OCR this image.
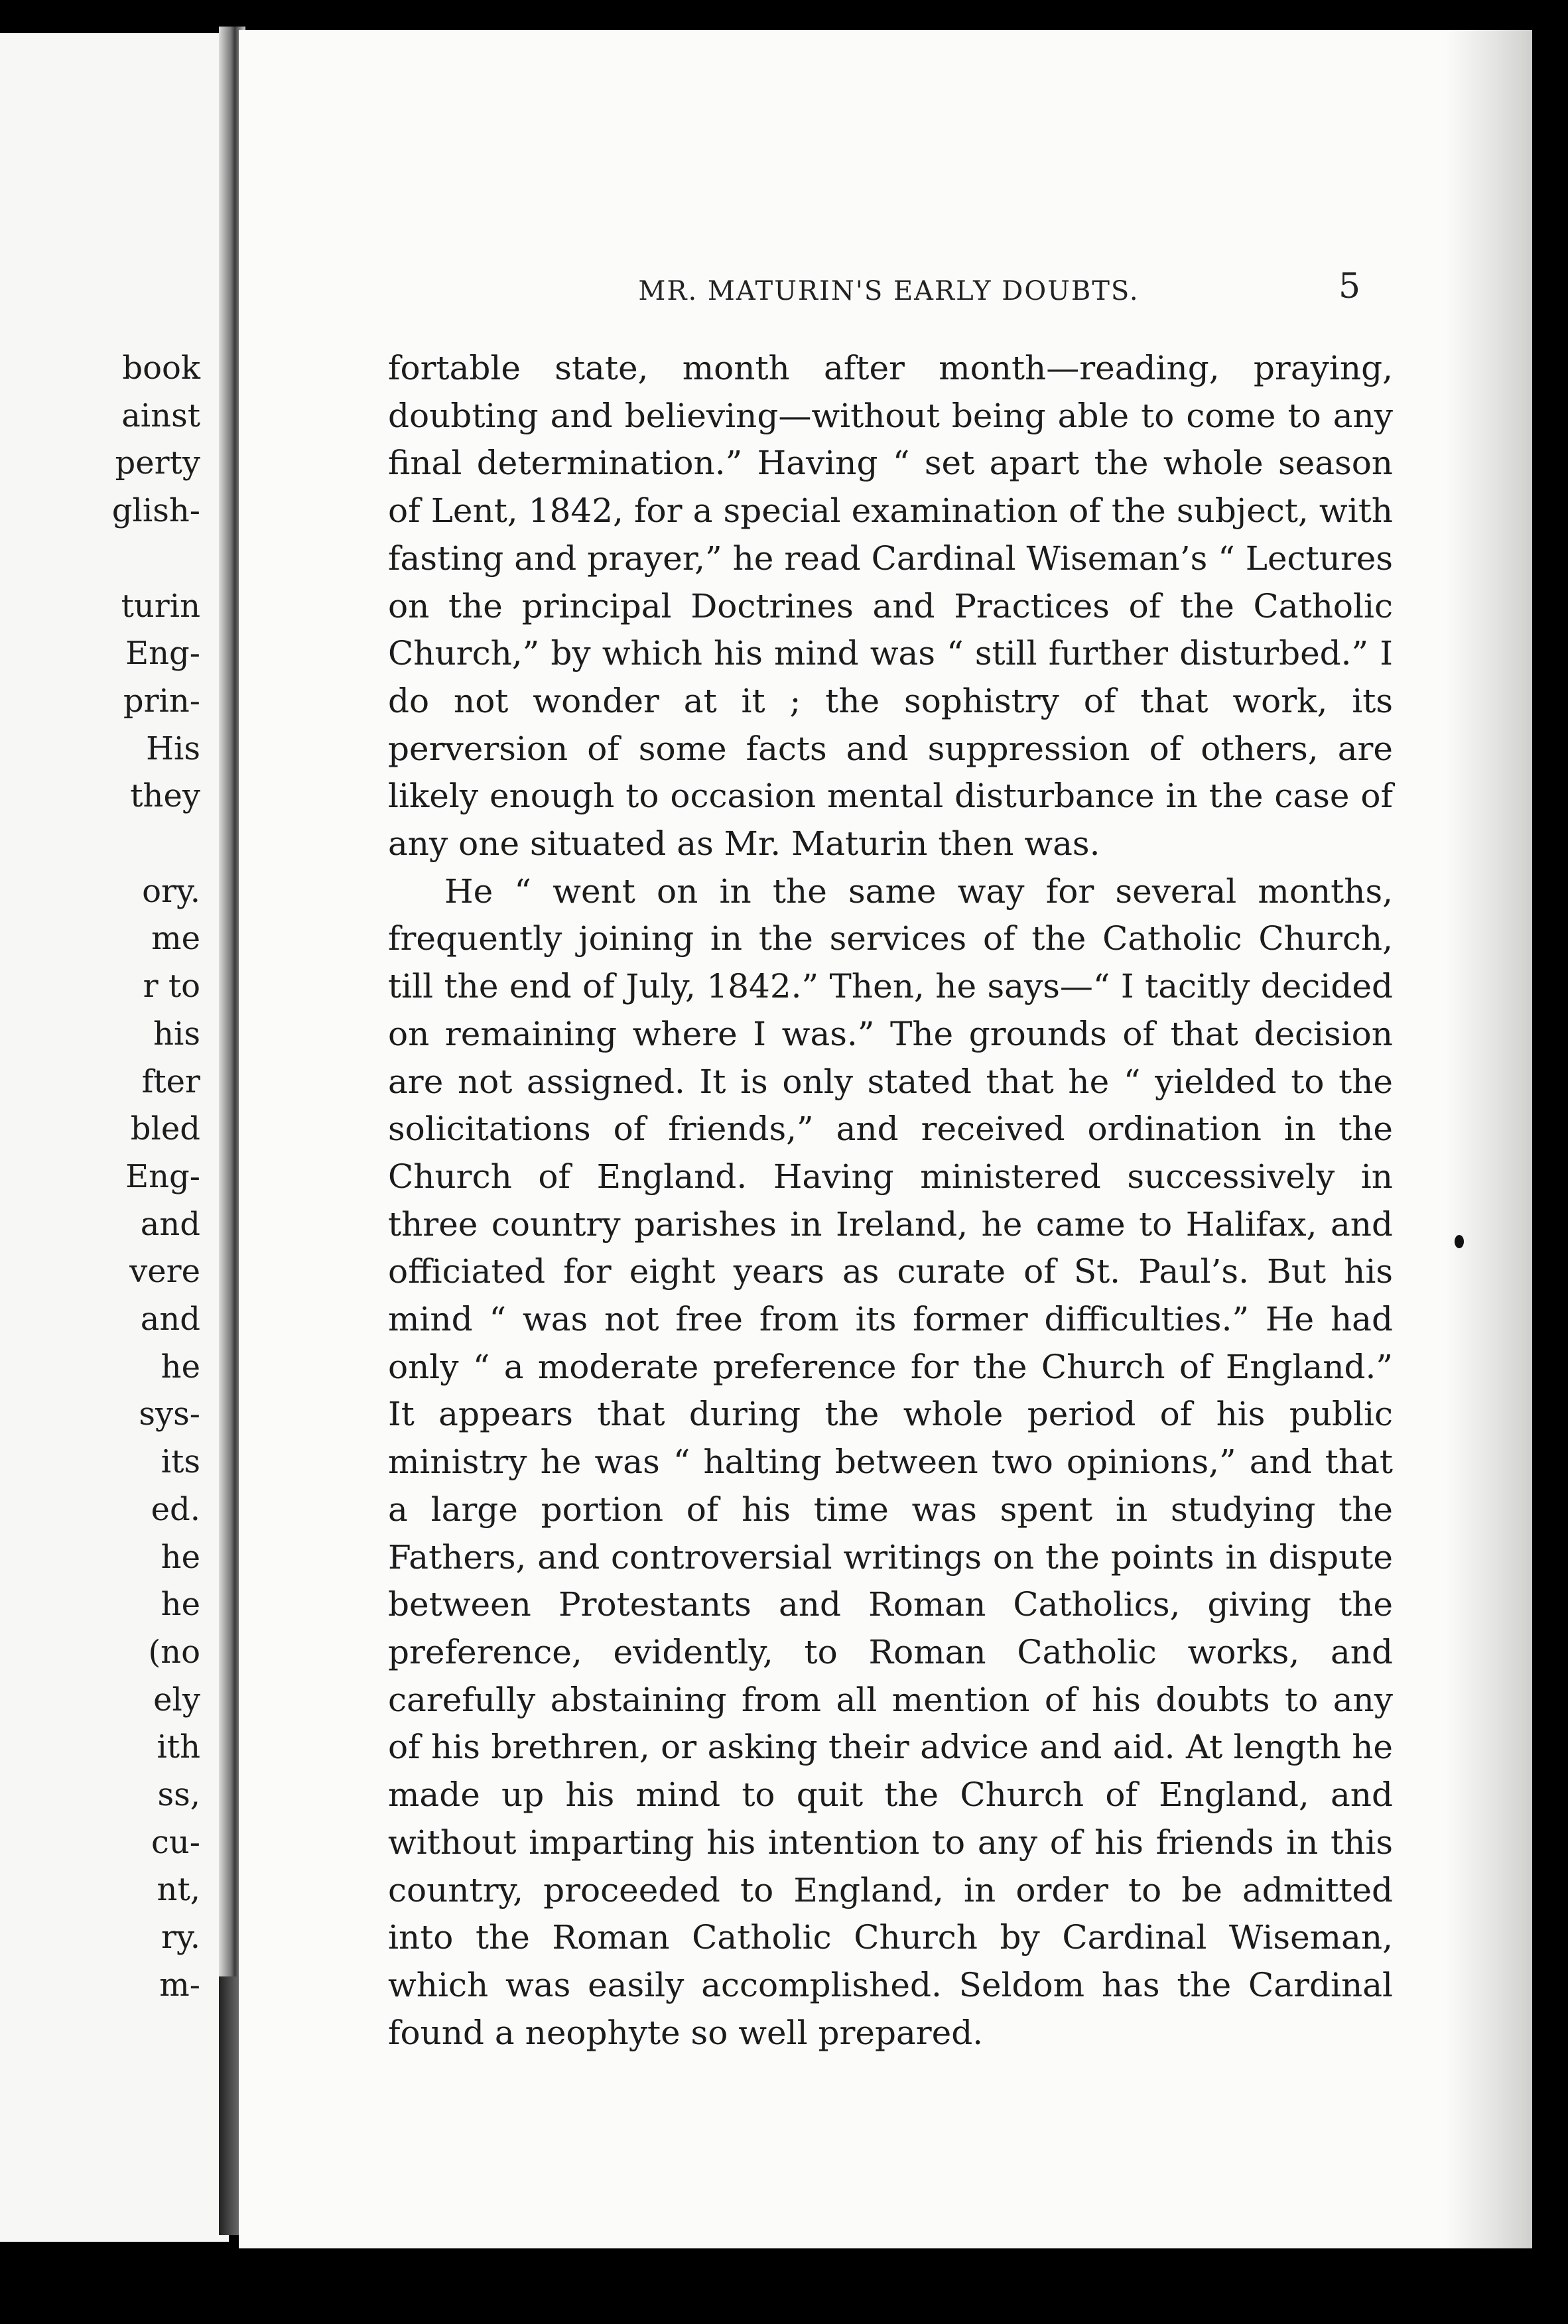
book
ainst
perty
glish-
turin
Eng-
prin-
His
they
ory.
me
r to
his
fter
bled
Eng-
and
vere
and
he
sys-
its
ed.
he
he
(no
ely
ith
ss,
cu-
nt,
ry.
m-
MR. MATURIN'S EARLY DOUBTS.	5

fortable state, month after month—reading, praying, doubting and believing—without being able to come to any final determination.” Having “ set apart the whole season of Lent, 1842, for a special examination of the subject, with fasting and prayer,” he read Cardinal Wiseman’s “ Lectures on the principal Doctrines and Practices of the Catholic Church,” by which his mind was “ still further disturbed.” I do not wonder at it ; the sophistry of that work, its perversion of some facts and suppression of others, are likely enough to occasion mental disturbance in the case of any one situated as Mr. Maturin then was.

He “ went on in the same way for several months, frequently joining in the services of the Catholic Church, till the end of July, 1842.” Then, he says—“ I tacitly decided on remaining where I was.” The grounds of that decision are not assigned. It is only stated that he “ yielded to the solicitations of friends,” and received ordination in the Church of England. Having ministered successively in three country parishes in Ireland, he came to Halifax, and officiated for eight years as curate of St. Paul’s. But his mind “ was not free from its former difficulties.” He had only “ a moderate preference for the Church of England.” It appears that during the whole period of his public ministry he was “ halting between two opinions,” and that a large portion of his time was spent in studying the Fathers, and controversial writings on the points in dispute between Protestants and Roman Catholics, giving the preference, evidently, to Roman Catholic works, and carefully abstaining from all mention of his doubts to any of his brethren, or asking their advice and aid. At length he made up his mind to quit the Church of England, and without imparting his intention to any of his friends in this country, proceeded to England, in order to be admitted into the Roman Catholic Church by Cardinal Wiseman, which was easily accomplished. Seldom has the Cardinal found a neophyte so well prepared.
